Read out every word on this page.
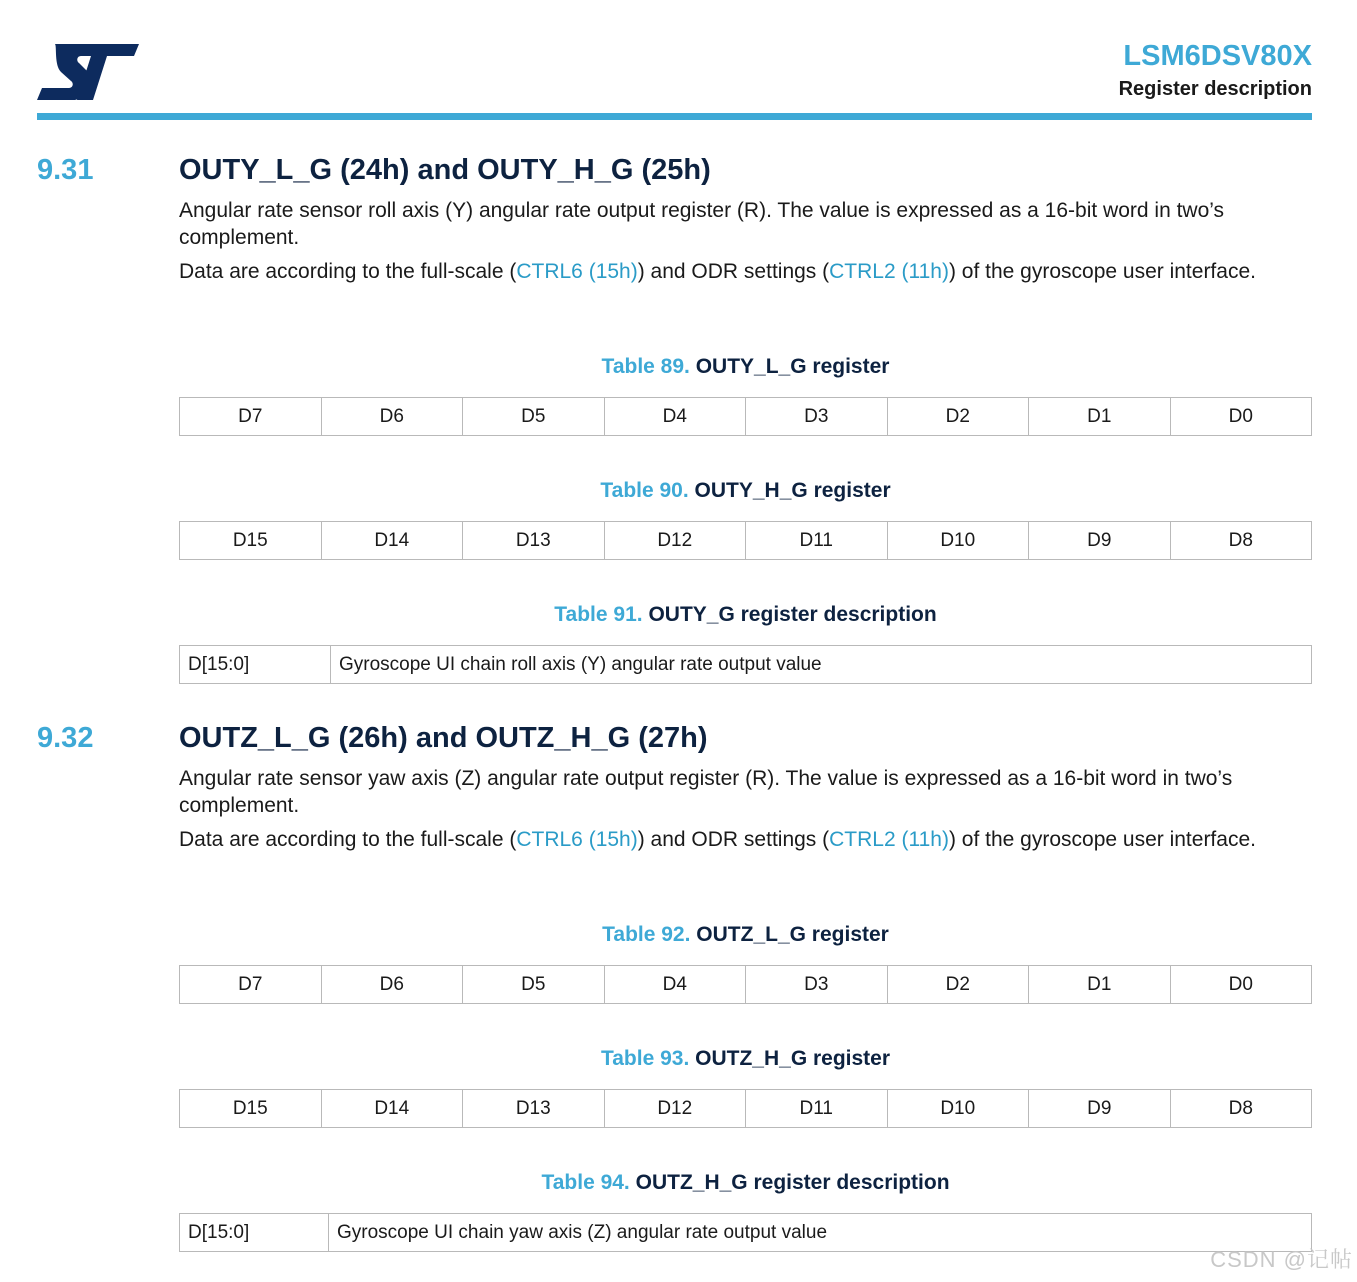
LSM6DSV80X
Register description
9.31	OUTY_L_G (24h) and OUTY_H_G (25h)
Angular rate sensor roll axis (Y) angular rate output register (R). The value is expressed as a 16-bit word in two’s complement.
Data are according to the full-scale (CTRL6 (15h)) and ODR settings (CTRL2 (11h)) of the gyroscope user interface.
Table 89. OUTY_L_G register
D7	D6	D5	D4	D3	D2	D1	D0
Table 90. OUTY_H_G register
D15	D14	D13	D12	D11	D10	D9	D8
Table 91. OUTY_G register description
D[15:0]	Gyroscope UI chain roll axis (Y) angular rate output value
9.32	OUTZ_L_G (26h) and OUTZ_H_G (27h)
Angular rate sensor yaw axis (Z) angular rate output register (R). The value is expressed as a 16-bit word in two’s complement.
Data are according to the full-scale (CTRL6 (15h)) and ODR settings (CTRL2 (11h)) of the gyroscope user interface.
Table 92. OUTZ_L_G register
D7	D6	D5	D4	D3	D2	D1	D0
Table 93. OUTZ_H_G register
D15	D14	D13	D12	D11	D10	D9	D8
Table 94. OUTZ_H_G register description
D[15:0]	Gyroscope UI chain yaw axis (Z) angular rate output value
CSDN @记帖
